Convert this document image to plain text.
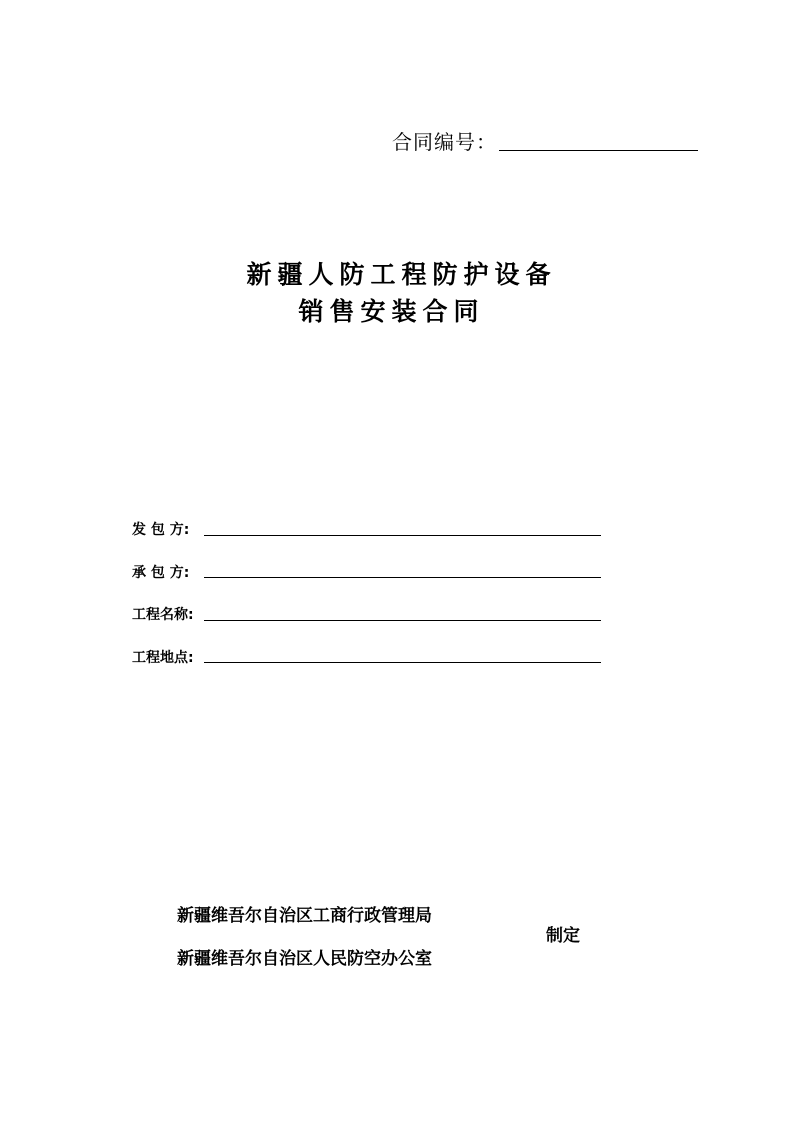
合同编号：
新疆人防工程防护设备
销售安装合同
发 包 方:
承 包 方:
工程名称:
工程地点:
新疆维吾尔自治区工商行政管理局
新疆维吾尔自治区人民防空办公室
制定
